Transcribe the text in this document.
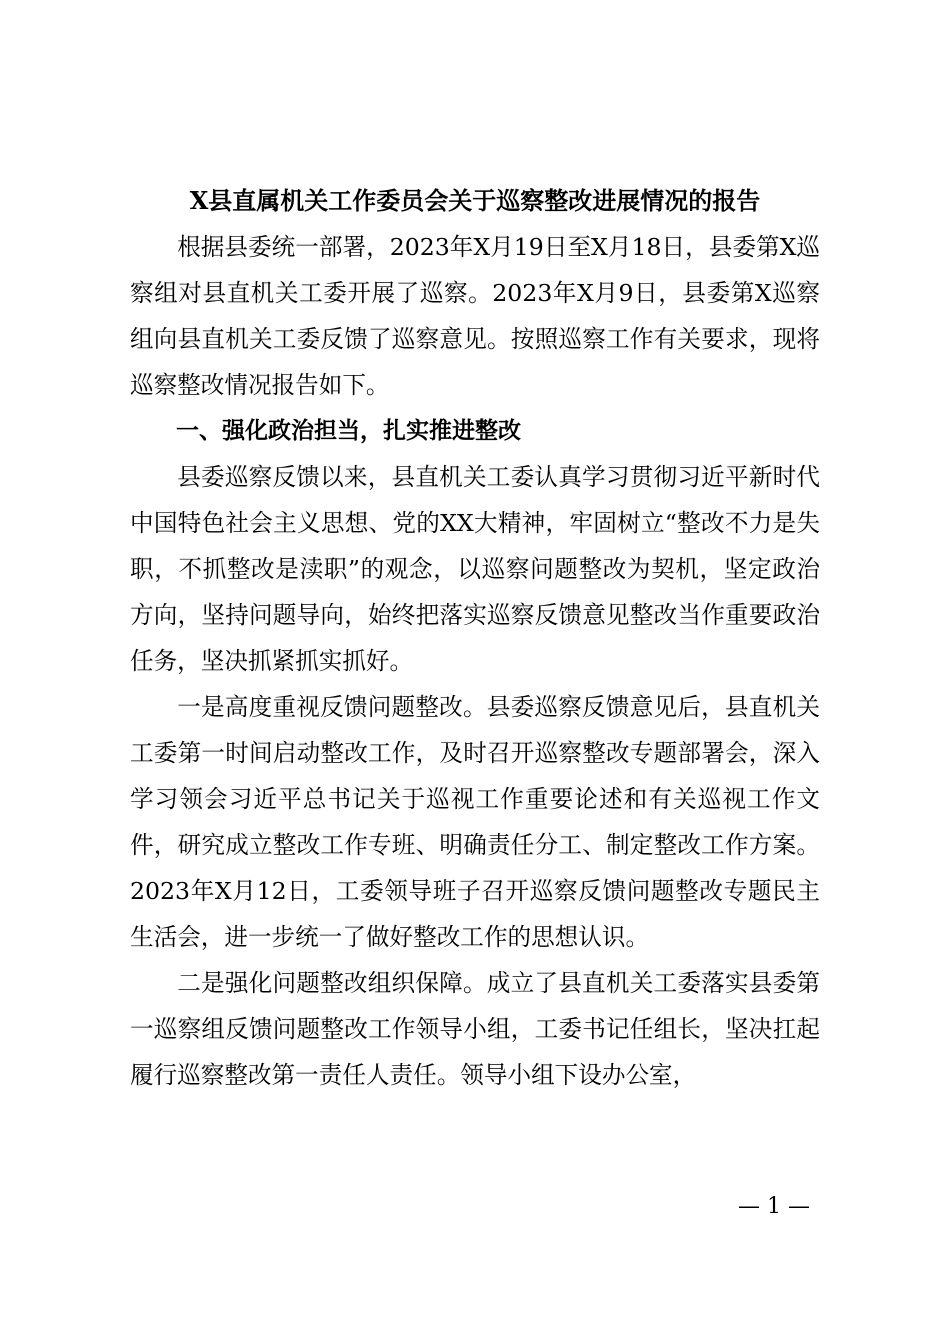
X县直属机关工作委员会关于巡察整改进展情况的报告

根据县委统一部署，2023年X月19日至X月18日，县委第X巡察组对县直机关工委开展了巡察。2023年X月9日，县委第X巡察组向县直机关工委反馈了巡察意见。按照巡察工作有关要求，现将巡察整改情况报告如下。

一、强化政治担当，扎实推进整改

县委巡察反馈以来，县直机关工委认真学习贯彻习近平新时代中国特色社会主义思想、党的XX大精神，牢固树立“整改不力是失职，不抓整改是渎职”的观念，以巡察问题整改为契机，坚定政治方向，坚持问题导向，始终把落实巡察反馈意见整改当作重要政治任务，坚决抓紧抓实抓好。

一是高度重视反馈问题整改。县委巡察反馈意见后，县直机关工委第一时间启动整改工作，及时召开巡察整改专题部署会，深入学习领会习近平总书记关于巡视工作重要论述和有关巡视工作文件，研究成立整改工作专班、明确责任分工、制定整改工作方案。2023年X月12日，工委领导班子召开巡察反馈问题整改专题民主生活会，进一步统一了做好整改工作的思想认识。

二是强化问题整改组织保障。成立了县直机关工委落实县委第一巡察组反馈问题整改工作领导小组，工委书记任组长，坚决扛起履行巡察整改第一责任人责任。领导小组下设办公室，

— 1 —
